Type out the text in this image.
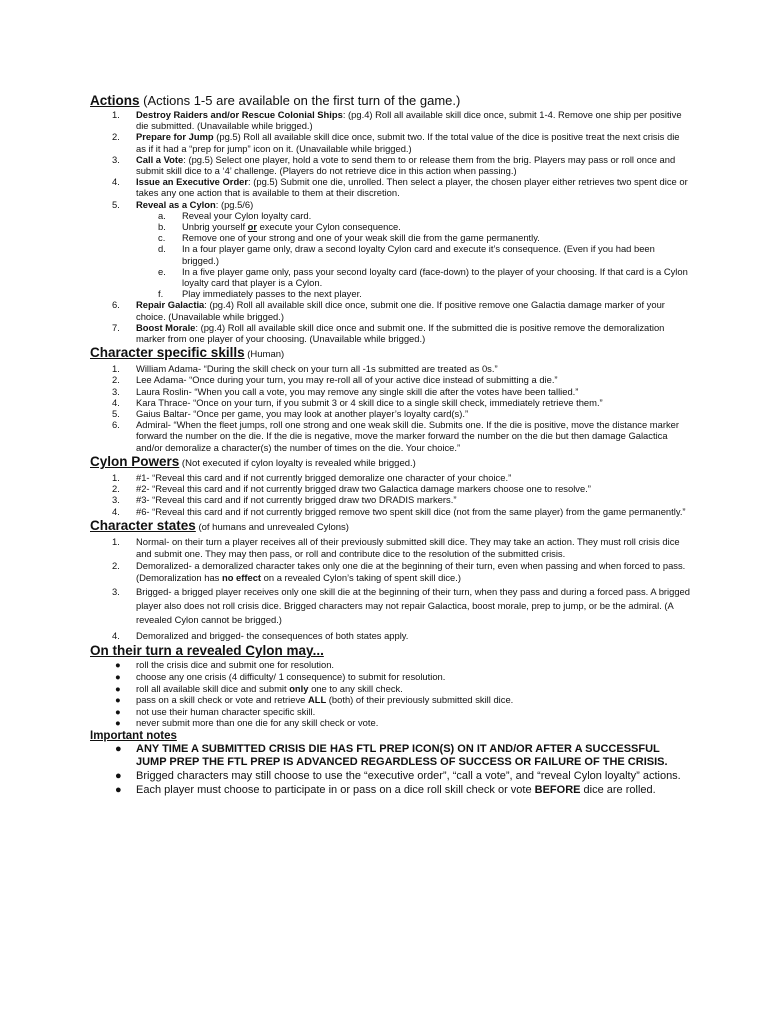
Actions (Actions 1-5 are available on the first turn of the game.)
1. Destroy Raiders and/or Rescue Colonial Ships: (pg.4) Roll all available skill dice once, submit 1-4. Remove one ship per positive die submitted. (Unavailable while brigged.)
2. Prepare for Jump (pg.5) Roll all available skill dice once, submit two. If the total value of the dice is positive treat the next crisis die as if it had a “prep for jump” icon on it. (Unavailable while brigged.)
3. Call a Vote: (pg.5) Select one player, hold a vote to send them to or release them from the brig. Players may pass or roll once and submit skill dice to a ‘4’ challenge. (Players do not retrieve dice in this action when passing.)
4. Issue an Executive Order: (pg.5) Submit one die, unrolled. Then select a player, the chosen player either retrieves two spent dice or takes any one action that is available to them at their discretion.
5. Reveal as a Cylon: (pg.5/6)
a. Reveal your Cylon loyalty card.
b. Unbrig yourself or execute your Cylon consequence.
c. Remove one of your strong and one of your weak skill die from the game permanently.
d. In a four player game only, draw a second loyalty Cylon card and execute it’s consequence. (Even if you had been brigged.)
e. In a five player game only, pass your second loyalty card (face-down) to the player of your choosing. If that card is a Cylon loyalty card that player is a Cylon.
f. Play immediately passes to the next player.
6. Repair Galactia: (pg.4) Roll all available skill dice once, submit one die. If positive remove one Galactia damage marker of your choice. (Unavailable while brigged.)
7. Boost Morale: (pg.4) Roll all available skill dice once and submit one. If the submitted die is positive remove the demoralization marker from one player of your choosing. (Unavailable while brigged.)
Character specific skills (Human)
1. William Adama- “During the skill check on your turn all -1s submitted are treated as 0s.”
2. Lee Adama- “Once during your turn, you may re-roll all of your active dice instead of submitting a die.”
3. Laura Roslin- “When you call a vote, you may remove any single skill die after the votes have been tallied.”
4. Kara Thrace- “Once on your turn, if you submit 3 or 4 skill dice to a single skill check, immediately retrieve them.”
5. Gaius Baltar- “Once per game, you may look at another player’s loyalty card(s).”
6. Admiral- “When the fleet jumps, roll one strong and one weak skill die. Submits one. If the die is positive, move the distance marker forward the number on the die. If the die is negative, move the marker forward the number on the die but then damage Galactica and/or demoralize a character(s) the number of times on the die. Your choice.”
Cylon Powers (Not executed if cylon loyalty is revealed while brigged.)
1. #1- “Reveal this card and if not currently brigged demoralize one character of your choice.”
2. #2- “Reveal this card and if not currently brigged draw two Galactica damage markers choose one to resolve.”
3. #3- “Reveal this card and if not currently brigged draw two DRADIS markers.”
4. #6- “Reveal this card and if not currently brigged remove two spent skill dice (not from the same player) from the game permanently.”
Character states (of humans and unrevealed Cylons)
1. Normal- on their turn a player receives all of their previously submitted skill dice. They may take an action. They must roll crisis dice and submit one. They may then pass, or roll and contribute dice to the resolution of the submitted crisis.
2. Demoralized- a demoralized character takes only one die at the beginning of their turn, even when passing and when forced to pass. (Demoralization has no effect on a revealed Cylon’s taking of spent skill dice.)
3. Brigged- a brigged player receives only one skill die at the beginning of their turn, when they pass and during a forced pass. A brigged player also does not roll crisis dice. Brigged characters may not repair Galactica, boost morale, prep to jump, or be the admiral. (A revealed Cylon cannot be brigged.)
4. Demoralized and brigged- the consequences of both states apply.
On their turn a revealed Cylon may...
● roll the crisis dice and submit one for resolution.
● choose any one crisis (4 difficulty/ 1 consequence) to submit for resolution.
● roll all available skill dice and submit only one to any skill check.
● pass on a skill check or vote and retrieve ALL (both) of their previously submitted skill dice.
● not use their human character specific skill.
● never submit more than one die for any skill check or vote.
Important notes
● ANY TIME A SUBMITTED CRISIS DIE HAS FTL PREP ICON(S) ON IT AND/OR AFTER A SUCCESSFUL JUMP PREP THE FTL PREP IS ADVANCED REGARDLESS OF SUCCESS OR FAILURE OF THE CRISIS.
● Brigged characters may still choose to use the “executive order”, “call a vote”, and “reveal Cylon loyalty” actions.
● Each player must choose to participate in or pass on a dice roll skill check or vote BEFORE dice are rolled.
